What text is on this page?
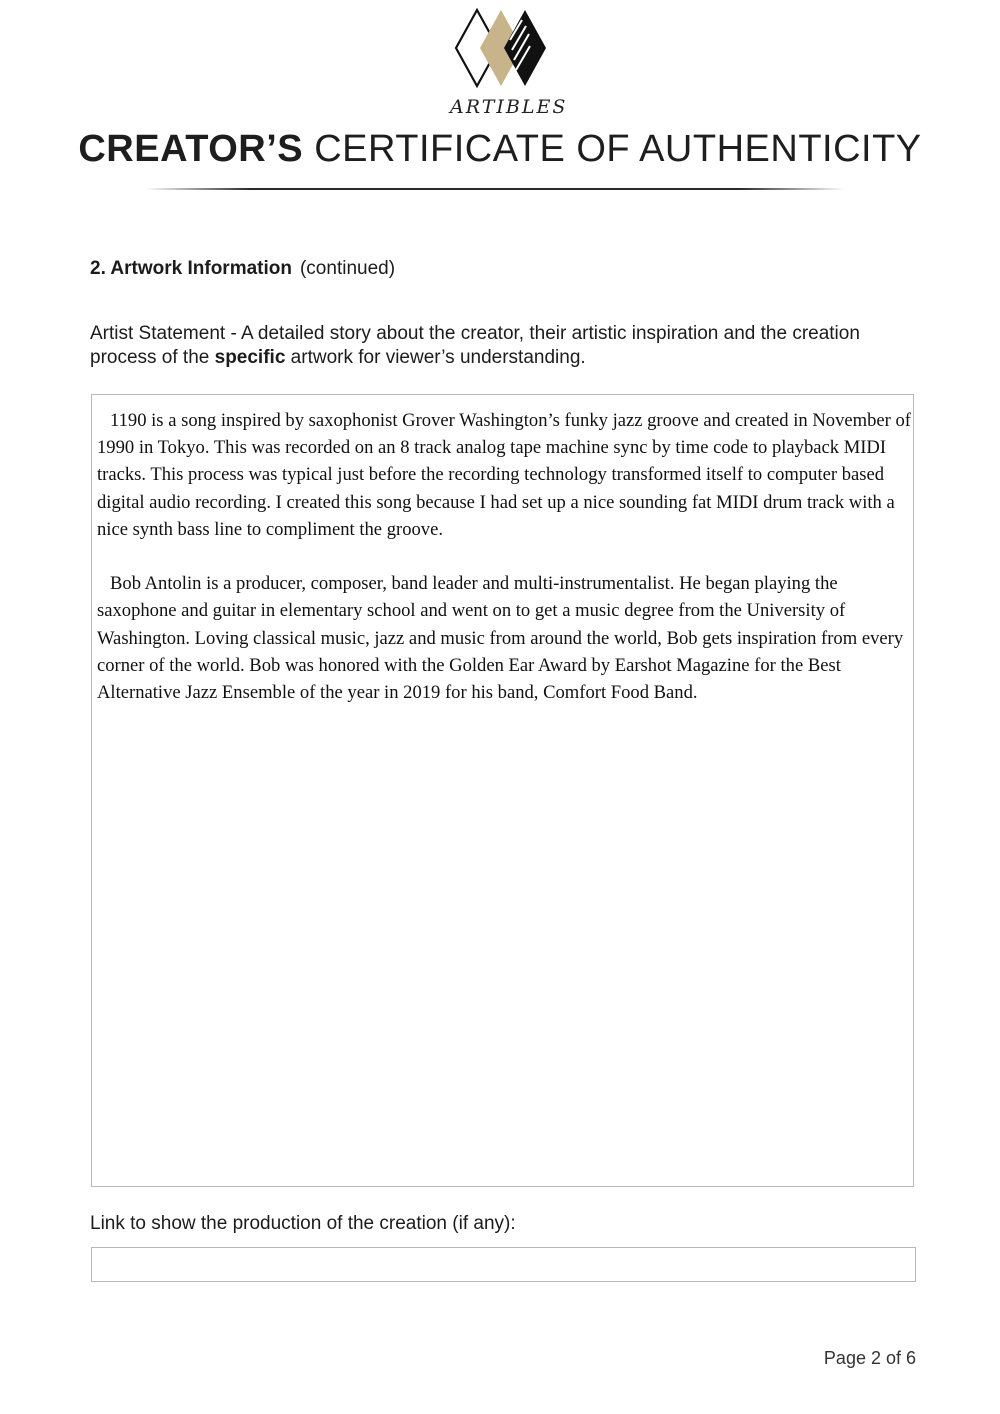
ARTIBLES
CREATOR’S CERTIFICATE OF AUTHENTICITY
2. Artwork Information (continued)
Artist Statement - A detailed story about the creator, their artistic inspiration and the creation process of the specific artwork for viewer’s understanding.

1190 is a song inspired by saxophonist Grover Washington’s funky jazz groove and created in November of 1990 in Tokyo. This was recorded on an 8 track analog tape machine sync by time code to playback MIDI tracks. This process was typical just before the recording technology transformed itself to computer based digital audio recording. I created this song because I had set up a nice sounding fat MIDI drum track with a nice synth bass line to compliment the groove.

Bob Antolin is a producer, composer, band leader and multi-instrumentalist. He began playing the saxophone and guitar in elementary school and went on to get a music degree from the University of Washington. Loving classical music, jazz and music from around the world, Bob gets inspiration from every corner of the world. Bob was honored with the Golden Ear Award by Earshot Magazine for the Best Alternative Jazz Ensemble of the year in 2019 for his band, Comfort Food Band.

Link to show the production of the creation (if any):
Page 2 of 6
